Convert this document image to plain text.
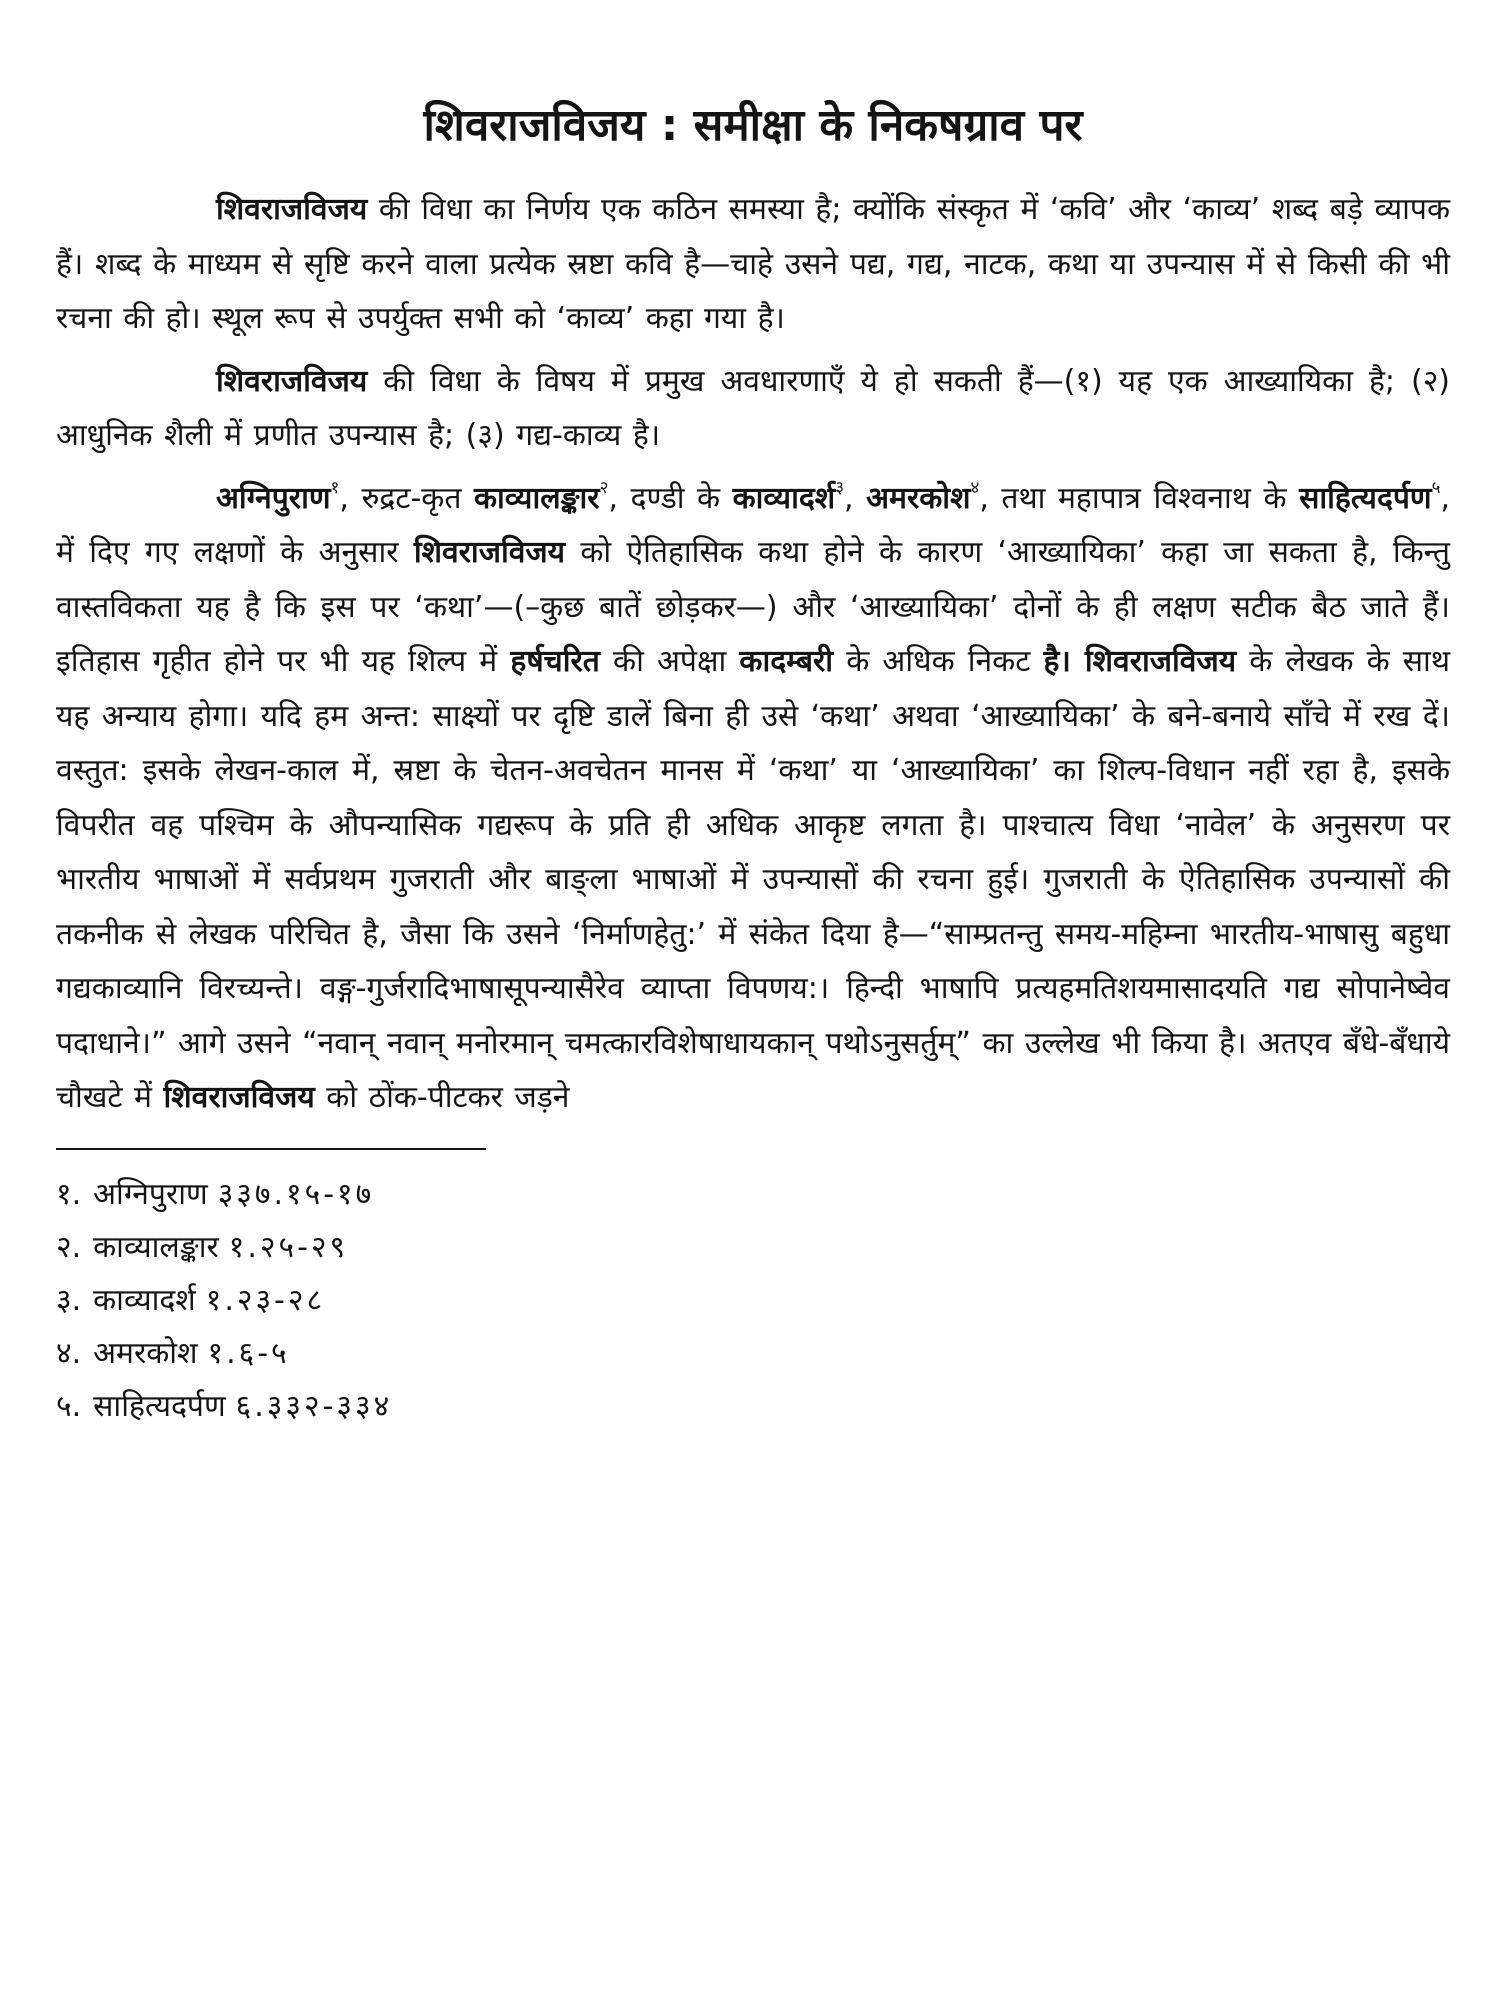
शिवराजविजय : समीक्षा के निकषग्राव पर

शिवराजविजय की विधा का निर्णय एक कठिन समस्या है; क्योंकि संस्कृत में ‘कवि’ और ‘काव्य’ शब्द बड़े व्यापक हैं। शब्द के माध्यम से सृष्टि करने वाला प्रत्येक स्रष्टा कवि है—चाहे उसने पद्य, गद्य, नाटक, कथा या उपन्यास में से किसी की भी रचना की हो। स्थूल रूप से उपर्युक्त सभी को ‘काव्य’ कहा गया है।

शिवराजविजय की विधा के विषय में प्रमुख अवधारणाएँ ये हो सकती हैं—(१) यह एक आख्यायिका है; (२) आधुनिक शैली में प्रणीत उपन्यास है; (३) गद्य-काव्य है।

अग्निपुराण$^१$, रुद्रट-कृत काव्यालङ्कार$^२$, दण्डी के काव्यादर्श$^३$, अमरकोश$^४$, तथा महापात्र विश्वनाथ के साहित्यदर्पण$^५$, में दिए गए लक्षणों के अनुसार शिवराजविजय को ऐतिहासिक कथा होने के कारण ‘आख्यायिका’ कहा जा सकता है, किन्तु वास्तविकता यह है कि इस पर ‘कथा’—(–कुछ बातें छोड़कर—) और ‘आख्यायिका’ दोनों के ही लक्षण सटीक बैठ जाते हैं। इतिहास गृहीत होने पर भी यह शिल्प में हर्षचरित की अपेक्षा कादम्बरी के अधिक निकट है। शिवराजविजय के लेखक के साथ यह अन्याय होगा। यदि हम अन्त: साक्ष्यों पर दृष्टि डालें बिना ही उसे ‘कथा’ अथवा ‘आख्यायिका’ के बने-बनाये साँचे में रख दें। वस्तुत: इसके लेखन-काल में, स्रष्टा के चेतन-अवचेतन मानस में ‘कथा’ या ‘आख्यायिका’ का शिल्प-विधान नहीं रहा है, इसके विपरीत वह पश्चिम के औपन्यासिक गद्यरूप के प्रति ही अधिक आकृष्ट लगता है। पाश्चात्य विधा ‘नावेल’ के अनुसरण पर भारतीय भाषाओं में सर्वप्रथम गुजराती और बाङ्ला भाषाओं में उपन्यासों की रचना हुई। गुजराती के ऐतिहासिक उपन्यासों की तकनीक से लेखक परिचित है, जैसा कि उसने ‘निर्माणहेतु:’ में संकेत दिया है—“साम्प्रतन्तु समय-महिम्ना भारतीय-भाषासु बहुधा गद्यकाव्यानि विरच्यन्ते। वङ्ग-गुर्जरादिभाषासूपन्यासैरेव व्याप्ता विपणय:। हिन्दी भाषापि प्रत्यहमतिशयमासादयति गद्य सोपानेष्वेव पदाधाने।” आगे उसने “नवान् नवान् मनोरमान् चमत्कारविशेषाधायकान् पथोऽनुसर्तुम्” का उल्लेख भी किया है। अतएव बँधे-बँधाये चौखटे में शिवराजविजय को ठोंक-पीटकर जड़ने

१. अग्निपुराण ३३७.१५-१७
२. काव्यालङ्कार १.२५-२९
३. काव्यादर्श १.२३-२८
४. अमरकोश १.६-५
५. साहित्यदर्पण ६.३३२-३३४
